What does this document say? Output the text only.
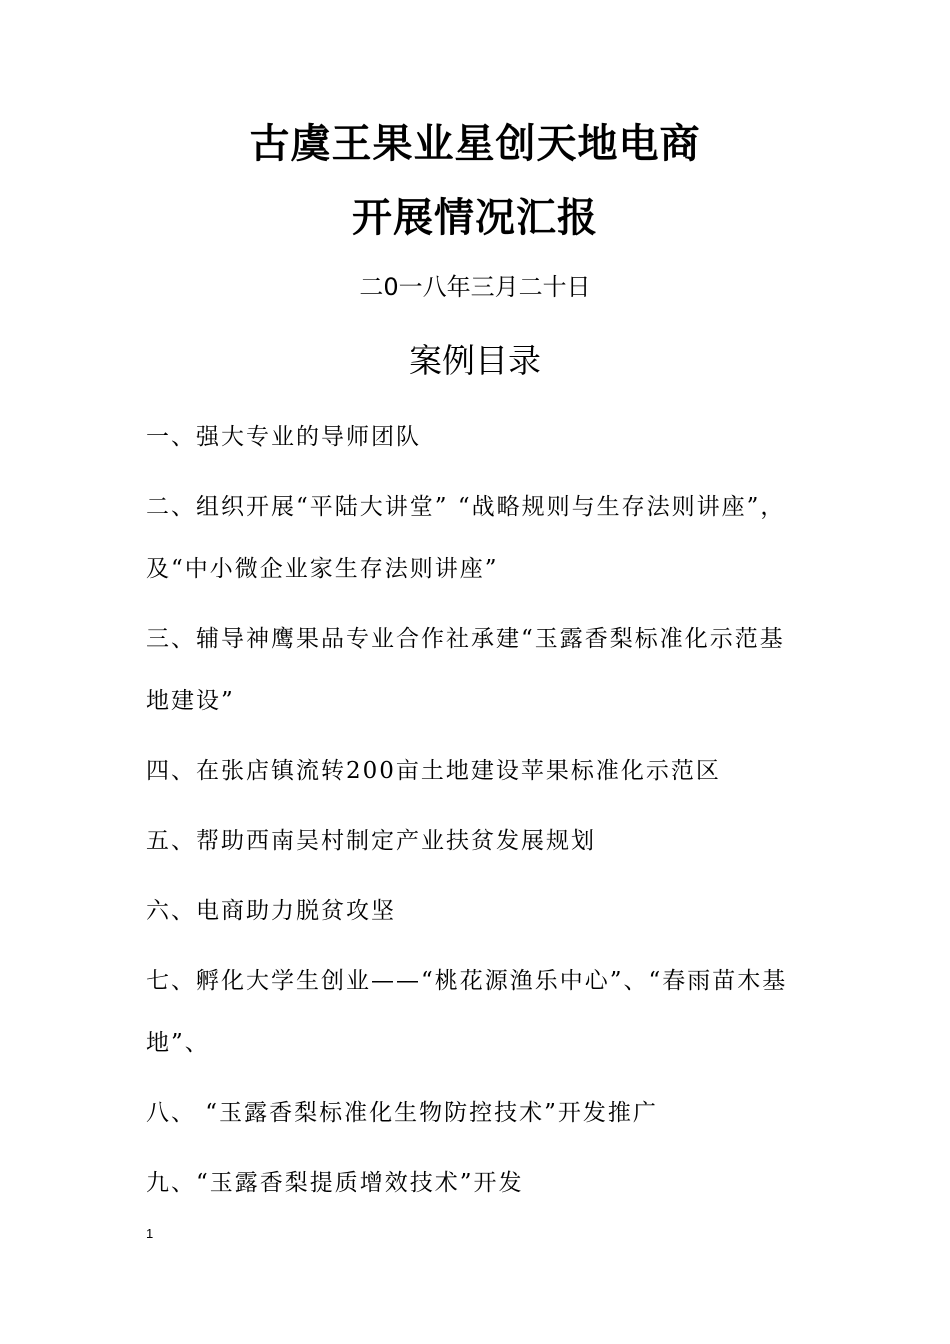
古虞王果业星创天地电商
开展情况汇报
二0一八年三月二十日
案例目录
一、强大专业的导师团队
二、组织开展“平陆大讲堂” “战略规则与生存法则讲座”，及“中小微企业家生存法则讲座”
三、辅导神鹰果品专业合作社承建“玉露香梨标准化示范基地建设”
四、在张店镇流转200亩土地建设苹果标准化示范区
五、帮助西南吴村制定产业扶贫发展规划
六、电商助力脱贫攻坚
七、孵化大学生创业——“桃花源渔乐中心”、“春雨苗木基地”、
八、 “玉露香梨标准化生物防控技术”开发推广
九、“玉露香梨提质增效技术”开发
1
